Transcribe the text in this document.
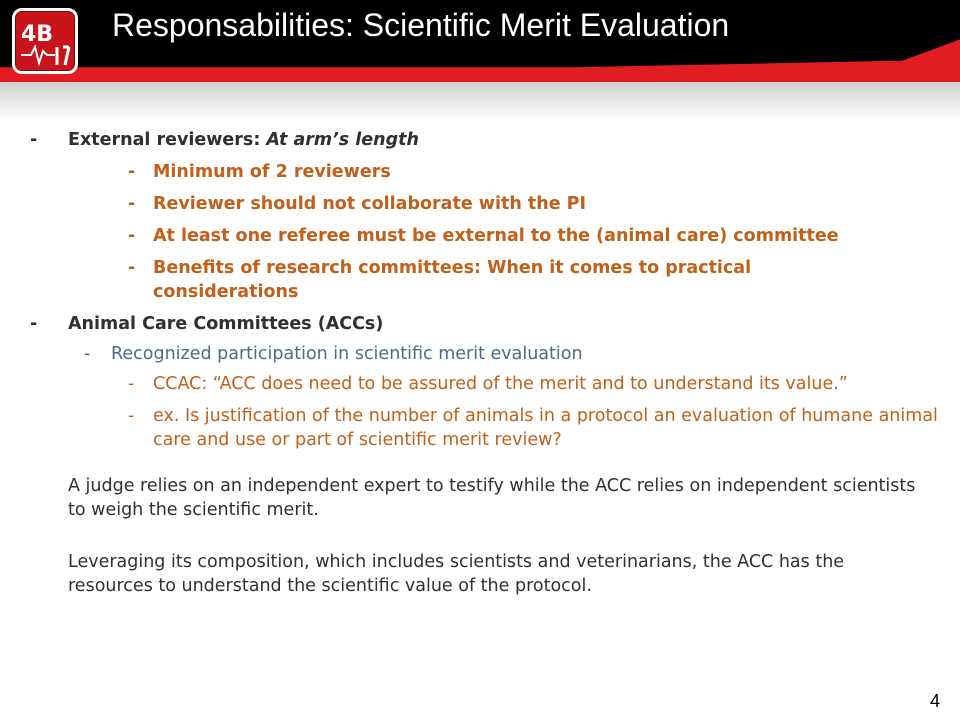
4B Responsabilities: Scientific Merit Evaluation
- External reviewers: At arm’s length
- Minimum of 2 reviewers
- Reviewer should not collaborate with the PI
- At least one referee must be external to the (animal care) committee
- Benefits of research committees: When it comes to practical considerations
- Animal Care Committees (ACCs)
- Recognized participation in scientific merit evaluation
- CCAC: “ACC does need to be assured of the merit and to understand its value.”
- ex. Is justification of the number of animals in a protocol an evaluation of humane animal care and use or part of scientific merit review?
A judge relies on an independent expert to testify while the ACC relies on independent scientists to weigh the scientific merit.
Leveraging its composition, which includes scientists and veterinarians, the ACC has the resources to understand the scientific value of the protocol.
4
